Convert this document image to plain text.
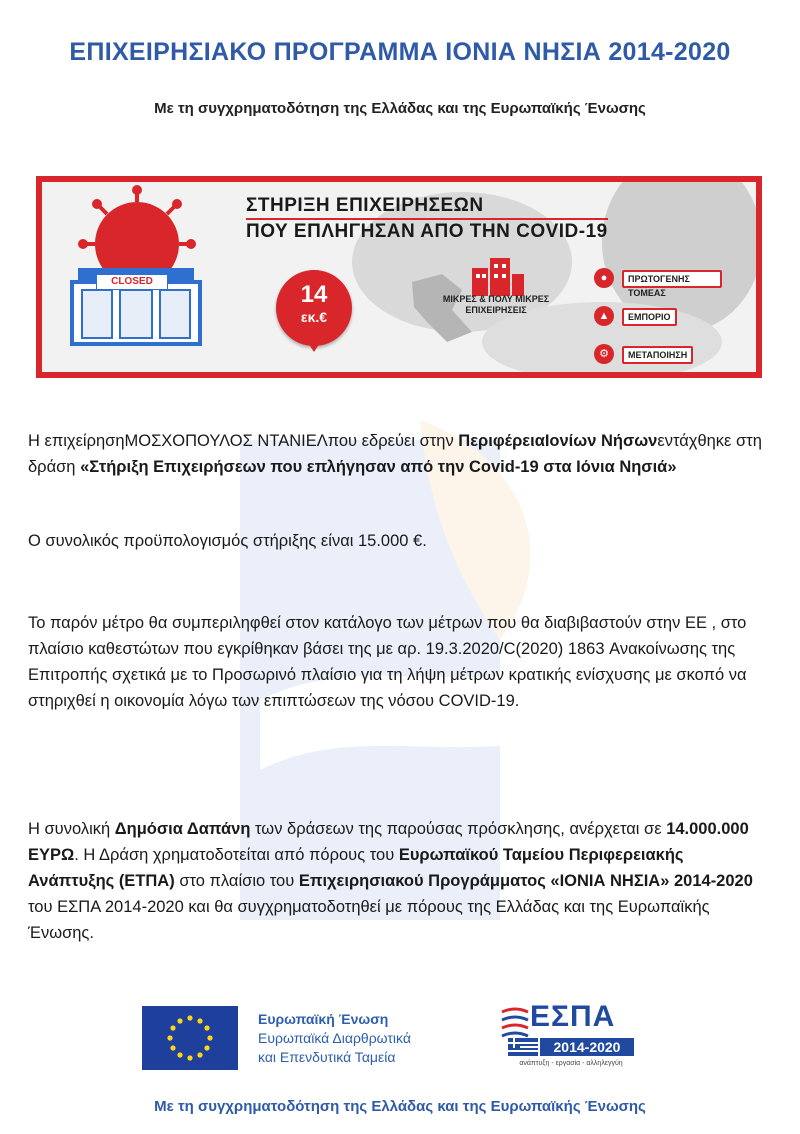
ΕΠΙΧΕΙΡΗΣΙΑΚΟ ΠΡΟΓΡΑΜΜΑ ΙΟΝΙΑ ΝΗΣΙΑ 2014-2020
Με τη συγχρηματοδότηση της Ελλάδας και της Ευρωπαϊκής Ένωσης
CLOSED
ΣΤΗΡΙΞΗ ΕΠΙΧΕΙΡΗΣΕΩΝ
ΠΟΥ ΕΠΛΗΓΗΣΑΝ ΑΠΟ ΤΗΝ COVID-19
14
εκ.€
ΜΙΚΡΕΣ & ΠΟΛΥ ΜΙΚΡΕΣ ΕΠΙΧΕΙΡΗΣΕΙΣ
●	ΠΡΩΤΟΓΕΝΗΣ ΤΟΜΕΑΣ
▲	ΕΜΠΟΡΙΟ
⚙	ΜΕΤΑΠΟΙΗΣΗ
Η επιχείρησηΜΟΣΧΟΠΟΥΛΟΣ ΝΤΑΝΙΕΛπου εδρεύει στην ΠεριφέρειαΙονίων Νήσωνεντάχθηκε στη δράση «Στήριξη Επιχειρήσεων που επλήγησαν από την Covid-19 στα Ιόνια Νησιά»
Ο συνολικός προϋπολογισμός στήριξης είναι 15.000 €.
Το παρόν μέτρο θα συμπεριληφθεί στον κατάλογο των μέτρων που θα διαβιβαστούν στην ΕΕ , στο πλαίσιο καθεστώτων που εγκρίθηκαν βάσει της με αρ. 19.3.2020/C(2020) 1863 Ανακοίνωσης της Επιτροπής σχετικά με το Προσωρινό πλαίσιο για τη λήψη μέτρων κρατικής ενίσχυσης με σκοπό να στηριχθεί η οικονομία λόγω των επιπτώσεων της νόσου COVID-19.
Η συνολική Δημόσια Δαπάνη των δράσεων της παρούσας πρόσκλησης, ανέρχεται σε 14.000.000 ΕΥΡΩ. Η Δράση χρηματοδοτείται από πόρους του Ευρωπαϊκού Ταμείου Περιφερειακής Ανάπτυξης (ΕΤΠΑ) στο πλαίσιο του Επιχειρησιακού Προγράμματος «ΙΟΝΙΑ ΝΗΣΙΑ» 2014-2020 του ΕΣΠΑ 2014-2020 και θα συγχρηματοδοτηθεί με πόρους της Ελλάδας και της Ευρωπαϊκής Ένωσης.
Ευρωπαϊκή Ένωση
Ευρωπαϊκά Διαρθρωτικά
και Επενδυτικά Ταμεία
ΕΣΠΑ
2014-2020
ανάπτυξη - εργασία - αλληλεγγύη
Με τη συγχρηματοδότηση της Ελλάδας και της Ευρωπαϊκής Ένωσης
